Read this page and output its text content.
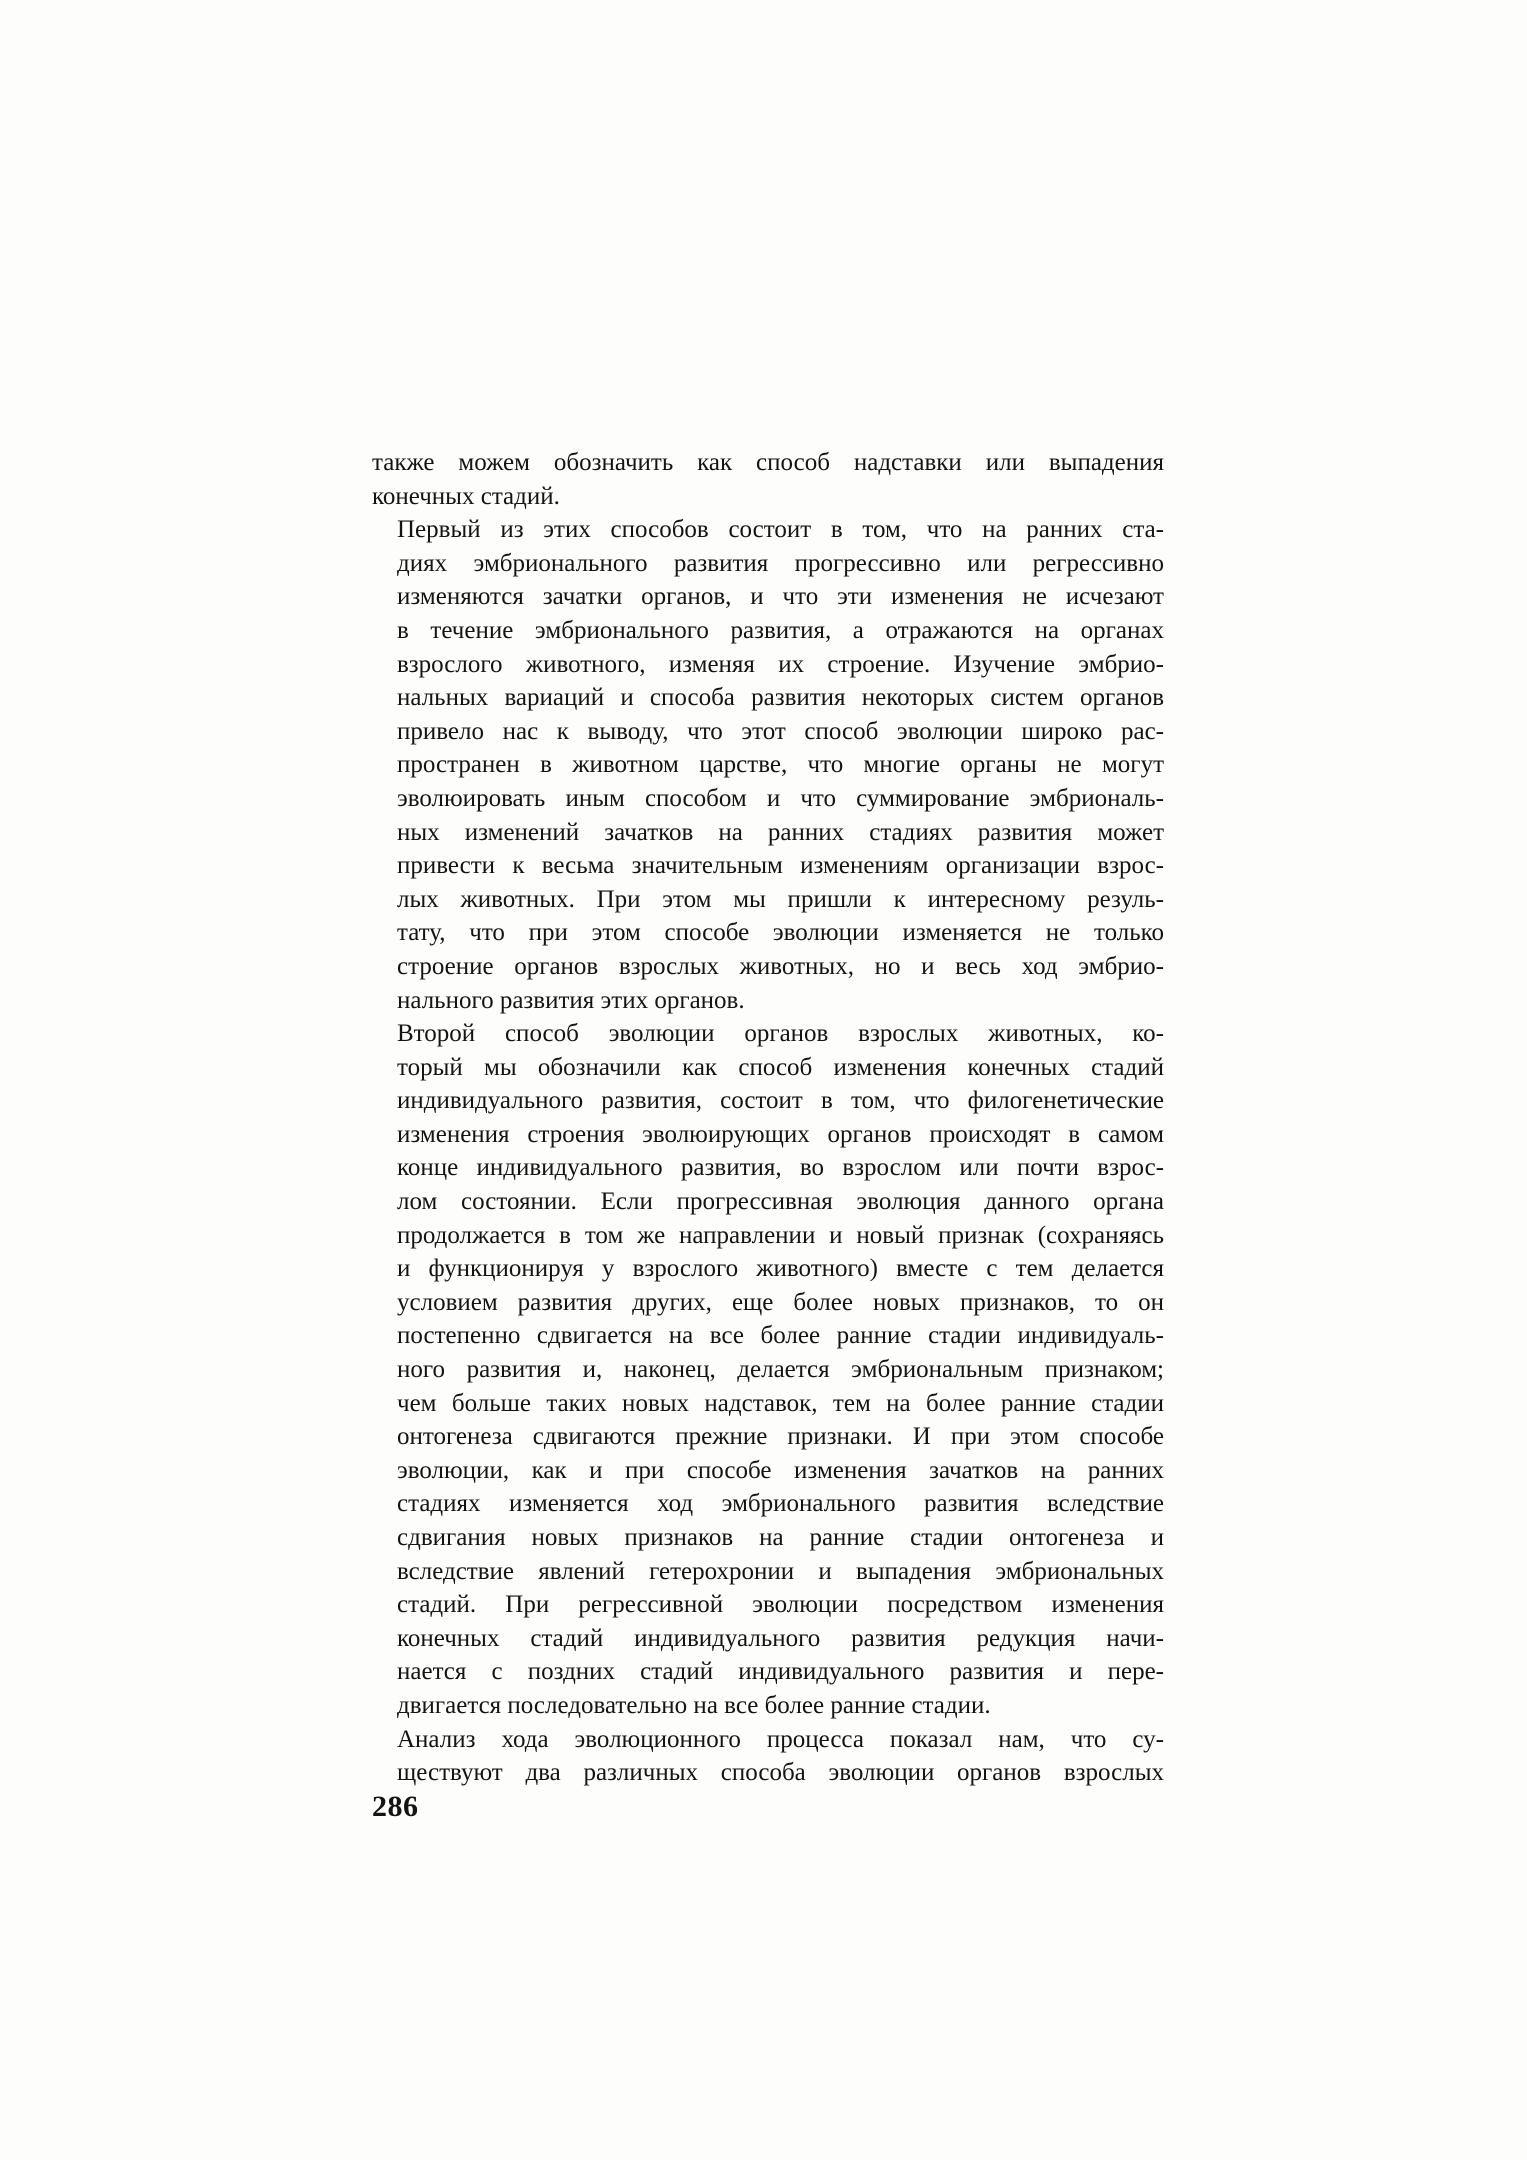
также можем обозначить как способ надставки или выпадения
конечных стадий.

Первый из этих способов состоит в том, что на ранних ста-
диях эмбрионального развития прогрессивно или регрессивно
изменяются зачатки органов, и что эти изменения не исчезают
в течение эмбрионального развития, а отражаются на органах
взрослого животного, изменяя их строение. Изучение эмбрио-
нальных вариаций и способа развития некоторых систем органов
привело нас к выводу, что этот способ эволюции широко рас-
пространен в животном царстве, что многие органы не могут
эволюировать иным способом и что суммирование эмбриональ-
ных изменений зачатков на ранних стадиях развития может
привести к весьма значительным изменениям организации взрос-
лых животных. При этом мы пришли к интересному резуль-
тату, что при этом способе эволюции изменяется не только
строение органов взрослых животных, но и весь ход эмбрио-
нального развития этих органов.

Второй способ эволюции органов взрослых животных, ко-
торый мы обозначили как способ изменения конечных стадий
индивидуального развития, состоит в том, что филогенетические
изменения строения эволюирующих органов происходят в самом
конце индивидуального развития, во взрослом или почти взрос-
лом состоянии. Если прогрессивная эволюция данного органа
продолжается в том же направлении и новый признак (сохраняясь
и функционируя у взрослого животного) вместе с тем делается
условием развития других, еще более новых признаков, то он
постепенно сдвигается на все более ранние стадии индивидуаль-
ного развития и, наконец, делается эмбриональным признаком;
чем больше таких новых надставок, тем на более ранние стадии
онтогенеза сдвигаются прежние признаки. И при этом способе
эволюции, как и при способе изменения зачатков на ранних
стадиях изменяется ход эмбрионального развития вследствие
сдвигания новых признаков на ранние стадии онтогенеза и
вследствие явлений гетерохронии и выпадения эмбриональных
стадий. При регрессивной эволюции посредством изменения
конечных стадий индивидуального развития редукция начи-
нается с поздних стадий индивидуального развития и пере-
двигается последовательно на все более ранние стадии.

Анализ хода эволюционного процесса показал нам, что су-
ществуют два различных способа эволюции органов взрослых

286
